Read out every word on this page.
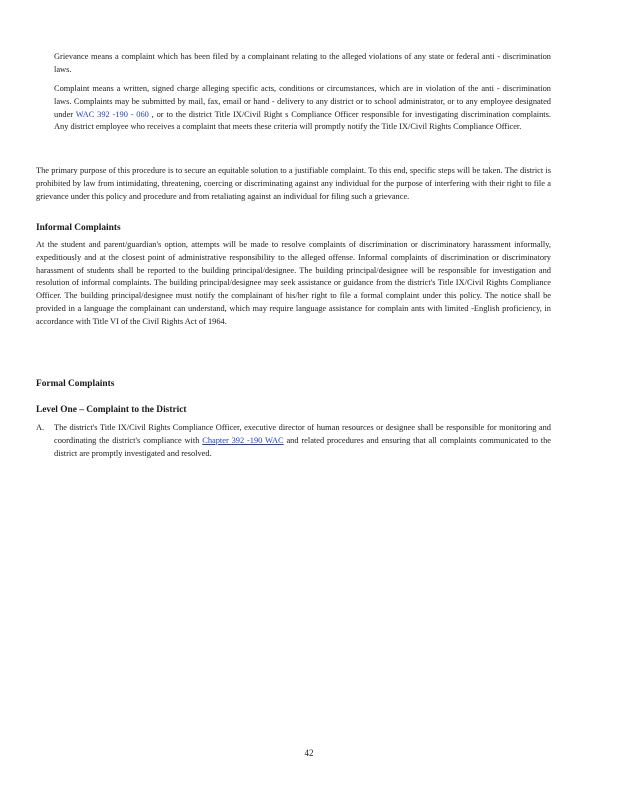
Grievance means a complaint which has been filed by a complainant relating to the alleged violations of any state or federal anti - discrimination laws.

Complaint means a written, signed charge alleging specific acts, conditions or circumstances, which are in violation of the anti - discrimination laws. Complaints may be submitted by mail, fax, email or hand - delivery to any district or to school administrator, or to any employee designated under WAC 392 -190 - 060 , or to the district Title IX/Civil Right s Compliance Officer responsible for investigating discrimination complaints. Any district employee who receives a complaint that meets these criteria will promptly notify the Title IX/Civil Rights Compliance Officer.

The primary purpose of this procedure is to secure an equitable solution to a justifiable complaint. To this end, specific steps will be taken. The district is prohibited by law from intimidating, threatening, coercing or discriminating against any individual for the purpose of interfering with their right to file a grievance under this policy and procedure and from retaliating against an individual for filing such a grievance.
Informal Complaints
At the student and parent/guardian's option, attempts will be made to resolve complaints of discrimination or discriminatory harassment informally, expeditiously and at the closest point of administrative responsibility to the alleged offense. Informal complaints of discrimination or discriminatory harassment of students shall be reported to the building principal/designee. The building principal/designee will be responsible for investigation and resolution of informal complaints. The building principal/designee may seek assistance or guidance from the district's Title IX/Civil Rights Compliance Officer. The building principal/designee must notify the complainant of his/her right to file a formal complaint under this policy. The notice shall be provided in a language the complainant can understand, which may require language assistance for complain ants with limited -English proficiency, in accordance with Title VI of the Civil Rights Act of 1964.
Formal Complaints
Level One – Complaint to the District
A. The district's Title IX/Civil Rights Compliance Officer, executive director of human resources or designee shall be responsible for monitoring and coordinating the district's compliance with Chapter 392 -190 WAC and related procedures and ensuring that all complaints communicated to the district are promptly investigated and resolved.

42
